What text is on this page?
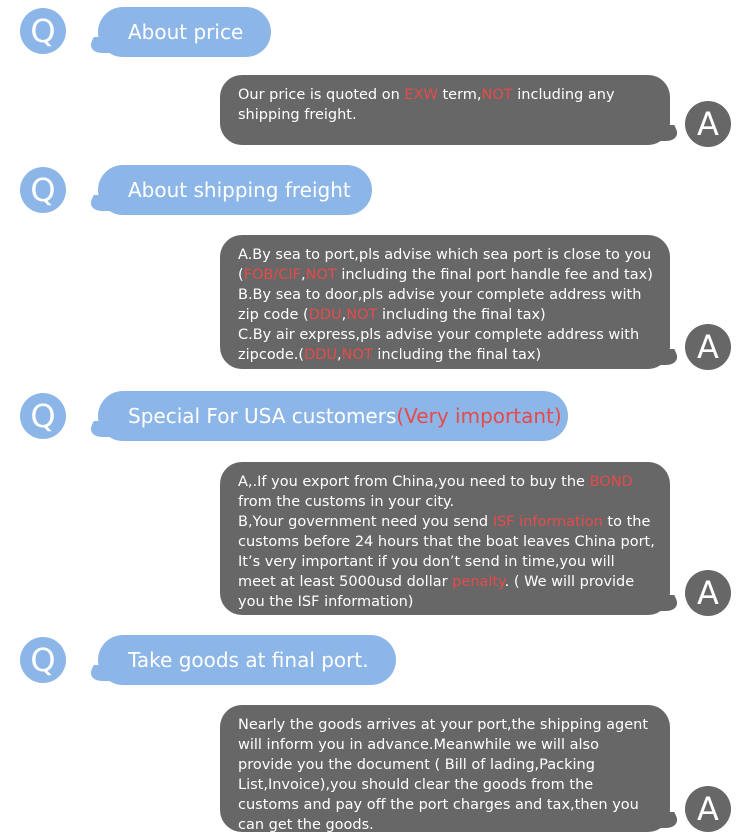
Q	About price
Our price is quoted on EXW term,NOT including any
shipping freight.	A
Q	About shipping freight
A.By sea to port,pls advise which sea port is close to you
(FOB/CIF,NOT including the final port handle fee and tax)
B.By sea to door,pls advise your complete address with
zip code (DDU,NOT including the final tax)
C.By air express,pls advise your complete address with
zipcode.(DDU,NOT including the final tax)	A
Q	Special For USA customers(Very important)
A,.If you export from China,you need to buy the BOND
from the customs in your city.
B,Your government need you send ISF information to the
customs before 24 hours that the boat leaves China port,
It’s very important if you don’t send in time,you will
meet at least 5000usd dollar penalty. ( We will provide
you the ISF information)	A
Q	Take goods at final port.
Nearly the goods arrives at your port,the shipping agent
will inform you in advance.Meanwhile we will also
provide you the document ( Bill of lading,Packing
List,Invoice),you should clear the goods from the
customs and pay off the port charges and tax,then you
can get the goods.	A
